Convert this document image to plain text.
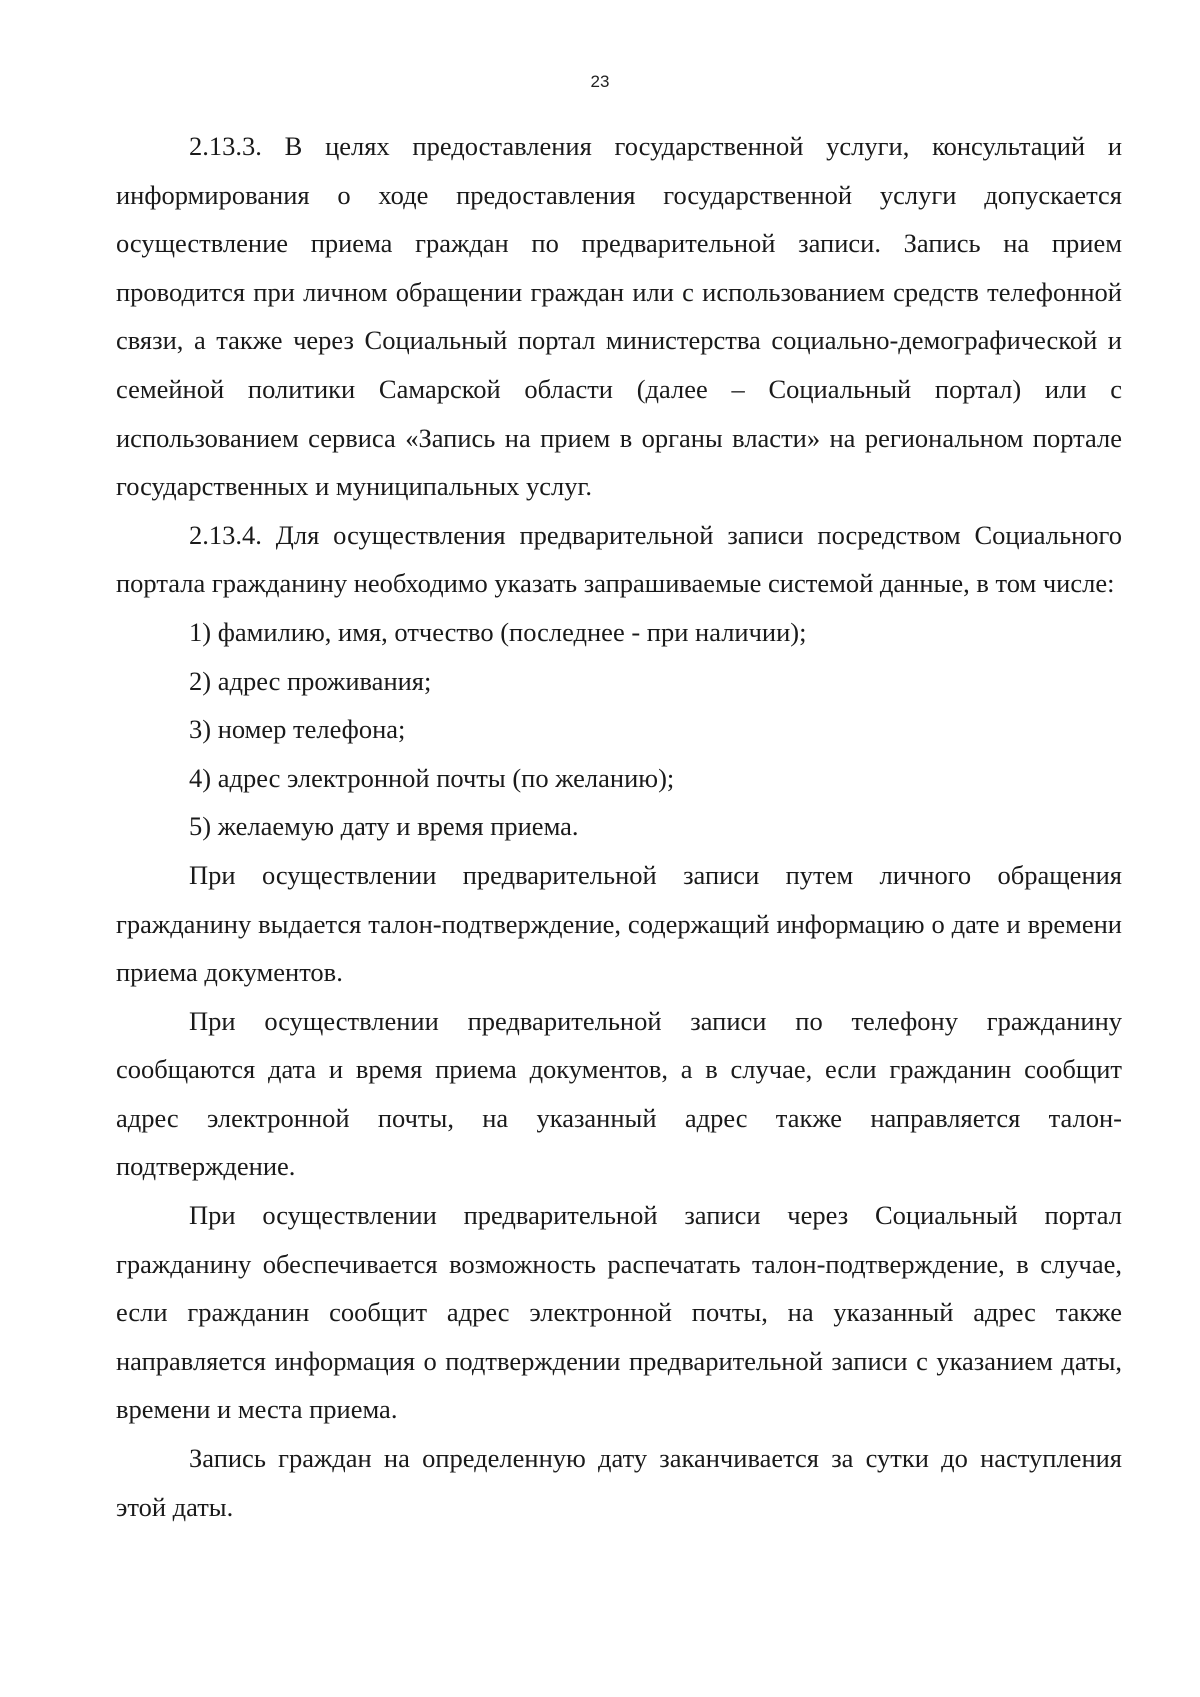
23

2.13.3. В целях предоставления государственной услуги, консультаций и информирования о ходе предоставления государственной услуги допускается осуществление приема граждан по предварительной записи. Запись на прием проводится при личном обращении граждан или с использованием средств телефонной связи, а также через Социальный портал министерства социально-демографической и семейной политики Самарской области (далее – Социальный портал) или с использованием сервиса «Запись на прием в органы власти» на региональном портале государственных и муниципальных услуг.

2.13.4. Для осуществления предварительной записи посредством Социального портала гражданину необходимо указать запрашиваемые системой данные, в том числе:

1) фамилию, имя, отчество (последнее - при наличии);

2) адрес проживания;

3) номер телефона;

4) адрес электронной почты (по желанию);

5) желаемую дату и время приема.

При осуществлении предварительной записи путем личного обращения гражданину выдается талон-подтверждение, содержащий информацию о дате и времени приема документов.

При осуществлении предварительной записи по телефону гражданину сообщаются дата и время приема документов, а в случае, если гражданин сообщит адрес электронной почты, на указанный адрес также направляется талон-подтверждение.

При осуществлении предварительной записи через Социальный портал гражданину обеспечивается возможность распечатать талон-подтверждение, в случае, если гражданин сообщит адрес электронной почты, на указанный адрес также направляется информация о подтверждении предварительной записи с указанием даты, времени и места приема.

Запись граждан на определенную дату заканчивается за сутки до наступления этой даты.
